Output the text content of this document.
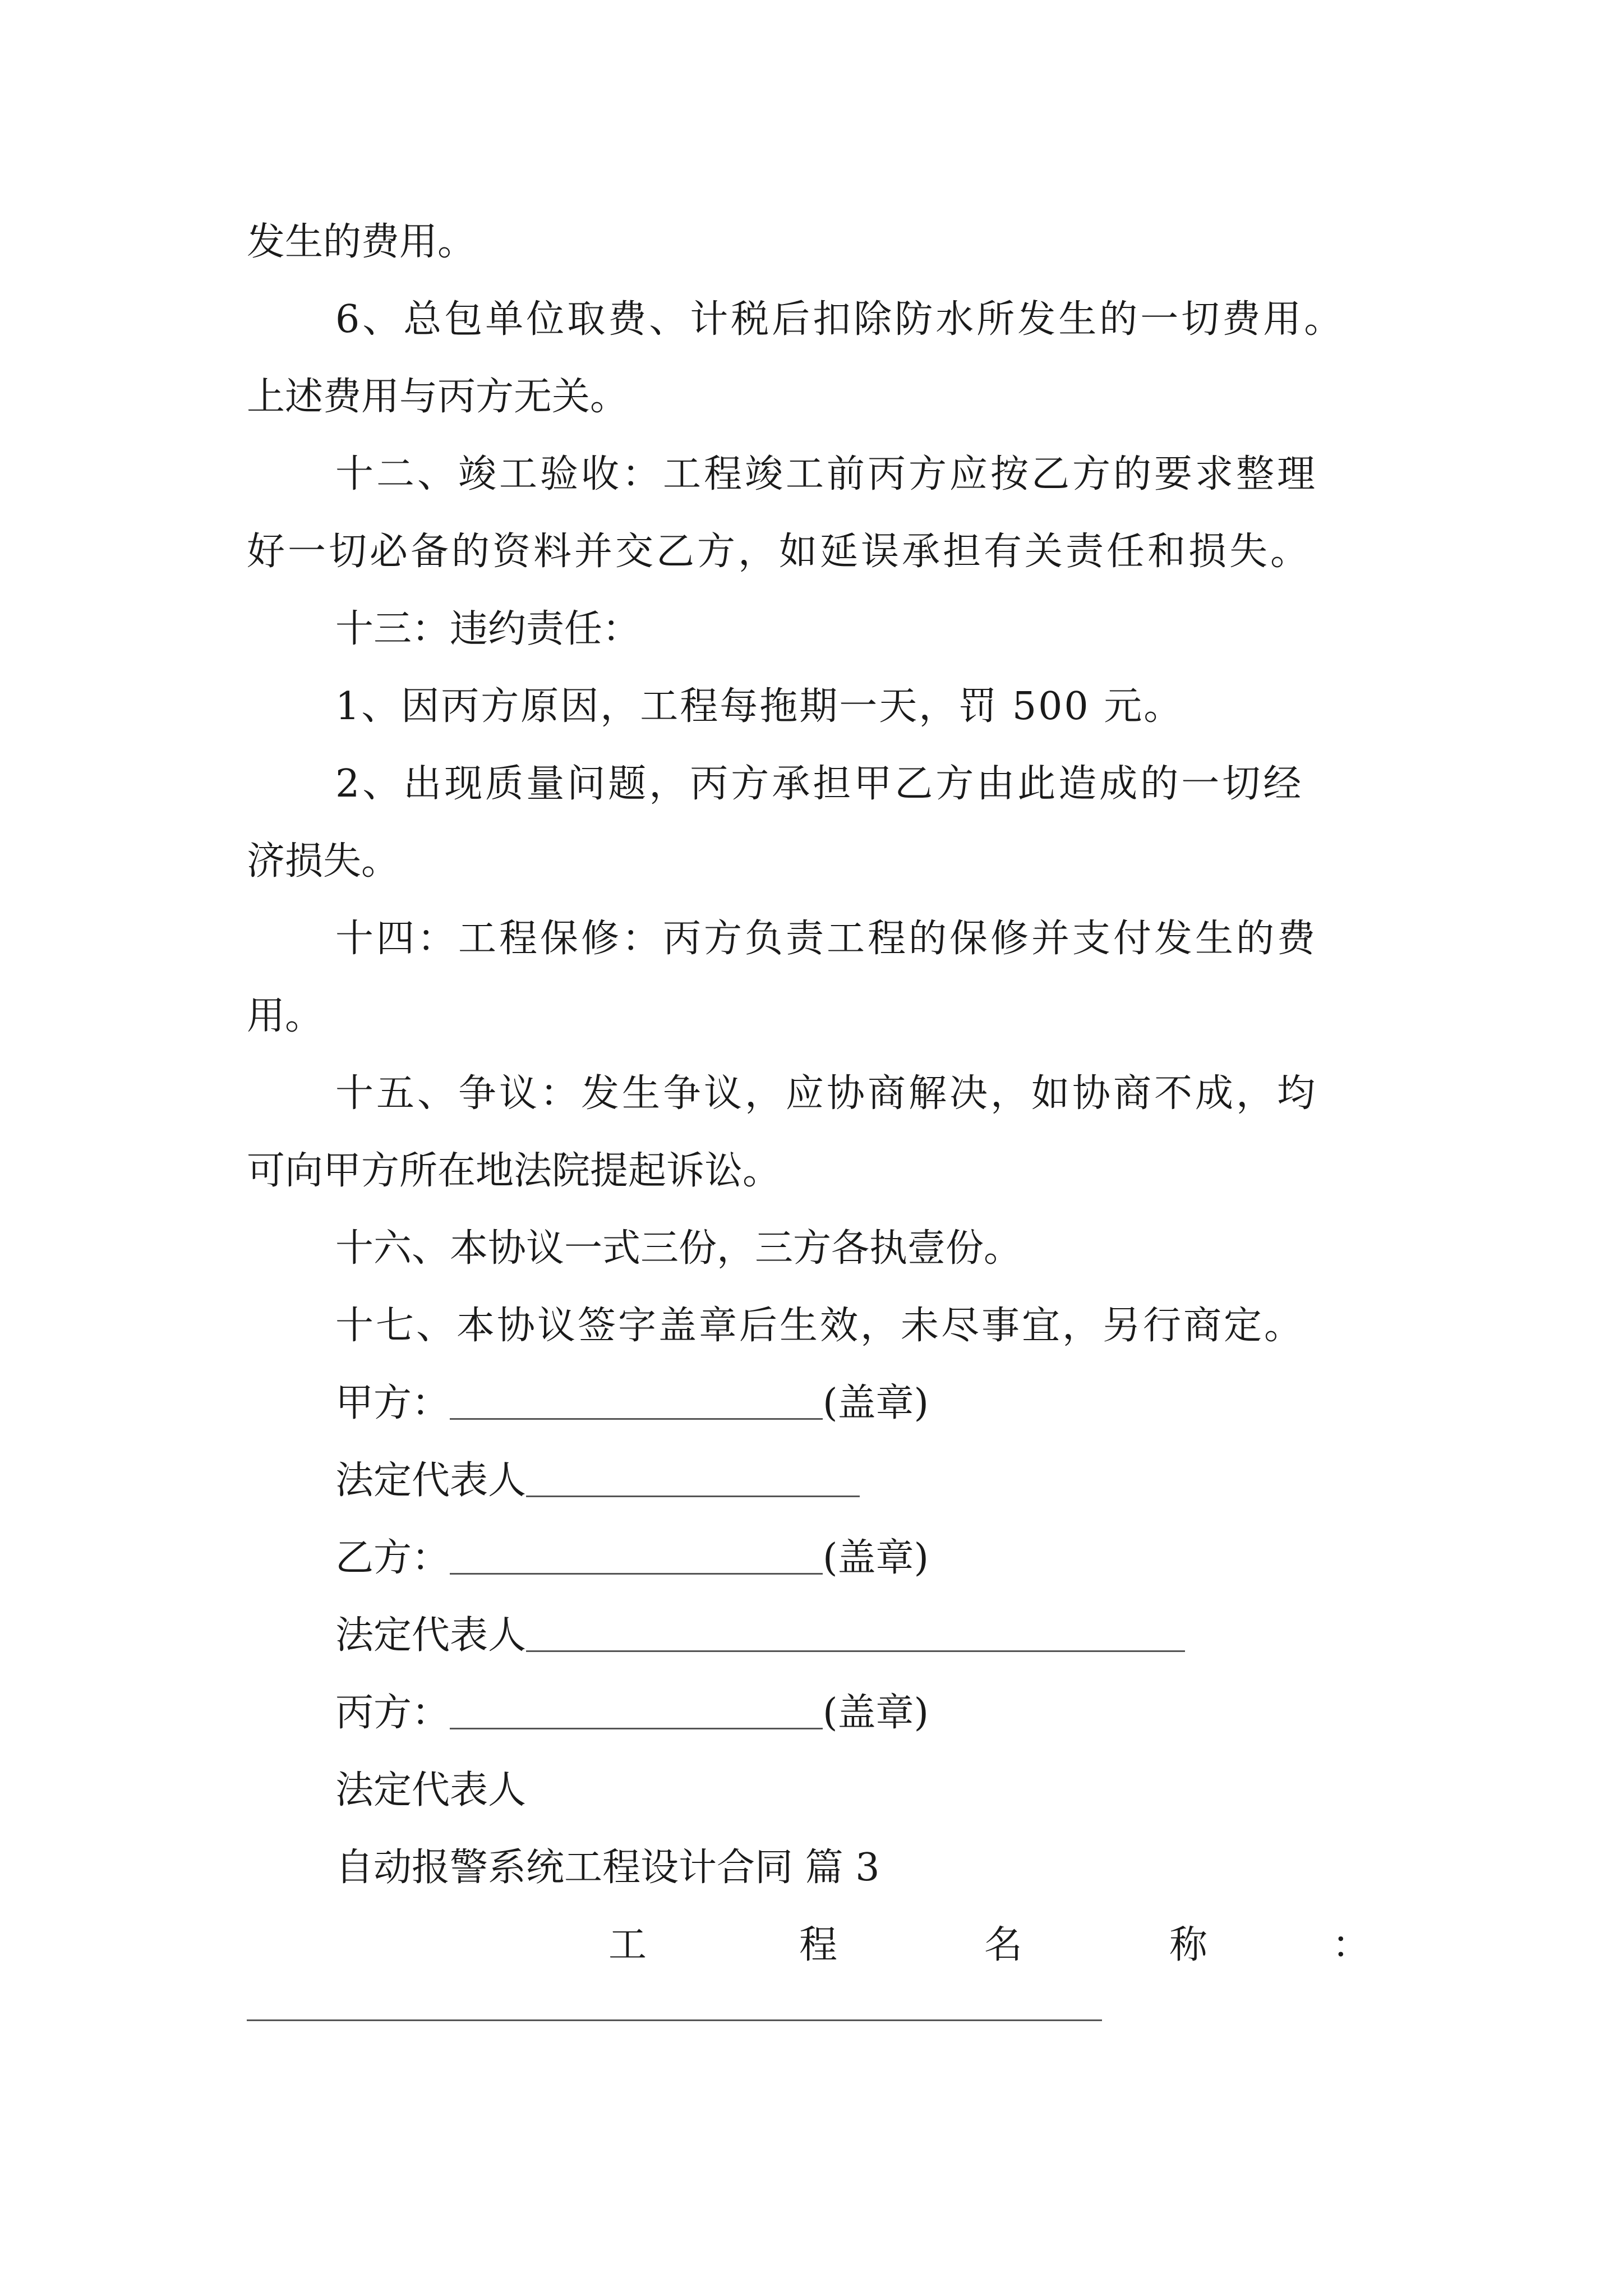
发生的费用。
6、总包单位取费、计税后扣除防水所发生的一切费用。
上述费用与丙方无关。
十二、竣工验收：工程竣工前丙方应按乙方的要求整理
好一切必备的资料并交乙方，如延误承担有关责任和损失。
十三：违约责任：
1、因丙方原因，工程每拖期一天，罚 500 元。
2、出现质量问题，丙方承担甲乙方由此造成的一切经
济损失。
十四：工程保修：丙方负责工程的保修并支付发生的费
用。
十五、争议：发生争议，应协商解决，如协商不成，均
可向甲方所在地法院提起诉讼。
十六、本协议一式三份，三方各执壹份。
十七、本协议签字盖章后生效，未尽事宜，另行商定。
甲方：	(盖章)
法定代表人
乙方：	(盖章)
法定代表人
丙方：	(盖章)
法定代表人
自动报警系统工程设计合同 篇 3
工	程	名	称	：
